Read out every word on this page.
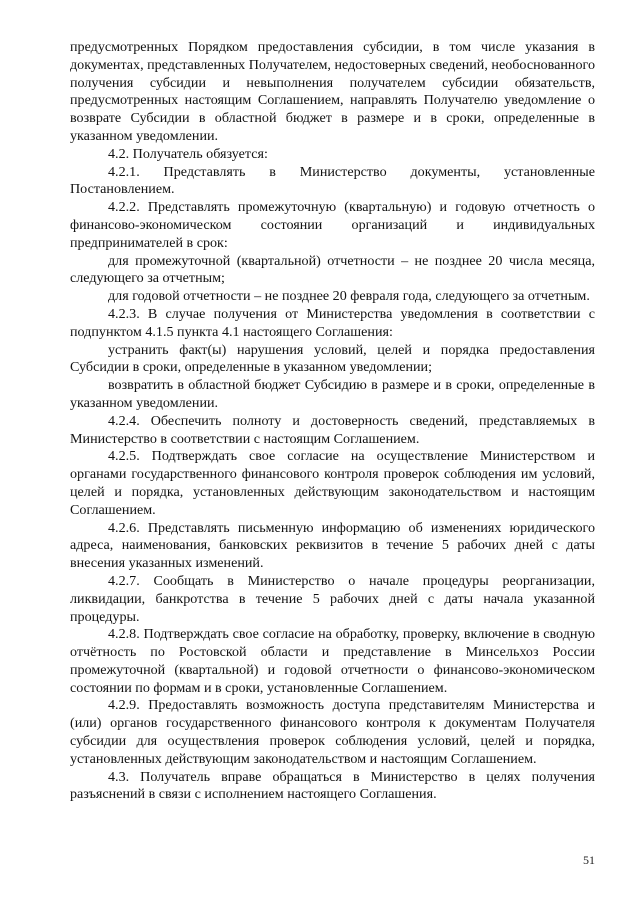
предусмотренных Порядком предоставления субсидии, в том числе указания в документах, представленных Получателем, недостоверных сведений, необоснованного получения субсидии и невыполнения получателем субсидии обязательств, предусмотренных настоящим Соглашением, направлять Получателю уведомление о возврате Субсидии в областной бюджет в размере и в сроки, определенные в указанном уведомлении.

4.2. Получатель обязуется:

4.2.1. Представлять в Министерство документы, установленные Постановлением.

4.2.2. Представлять промежуточную (квартальную) и годовую отчетность о финансово-экономическом состоянии организаций и индивидуальных предпринимателей в срок:

для промежуточной (квартальной) отчетности – не позднее 20 числа месяца, следующего за отчетным;

для годовой отчетности – не позднее 20 февраля года, следующего за отчетным.

4.2.3. В случае получения от Министерства уведомления в соответствии с подпунктом 4.1.5 пункта 4.1 настоящего Соглашения:

устранить факт(ы) нарушения условий, целей и порядка предоставления Субсидии в сроки, определенные в указанном уведомлении;

возвратить в областной бюджет Субсидию в размере и в сроки, определенные в указанном уведомлении.

4.2.4. Обеспечить полноту и достоверность сведений, представляемых в Министерство в соответствии с настоящим Соглашением.

4.2.5. Подтверждать свое согласие на осуществление Министерством и органами государственного финансового контроля проверок соблюдения им условий, целей и порядка, установленных действующим законодательством и настоящим Соглашением.

4.2.6. Представлять письменную информацию об изменениях юридического адреса, наименования, банковских реквизитов в течение 5 рабочих дней с даты внесения указанных изменений.

4.2.7. Сообщать в Министерство о начале процедуры реорганизации, ликвидации, банкротства в течение 5 рабочих дней с даты начала указанной процедуры.

4.2.8. Подтверждать свое согласие на обработку, проверку, включение в сводную отчётность по Ростовской области и представление в Минсельхоз России промежуточной (квартальной) и годовой отчетности о финансово-экономическом состоянии по формам и в сроки, установленные Соглашением.

4.2.9. Предоставлять возможность доступа представителям Министерства и (или) органов государственного финансового контроля к документам Получателя субсидии для осуществления проверок соблюдения условий, целей и порядка, установленных действующим законодательством и настоящим Соглашением.

4.3. Получатель вправе обращаться в Министерство в целях получения разъяснений в связи с исполнением настоящего Соглашения.

51
